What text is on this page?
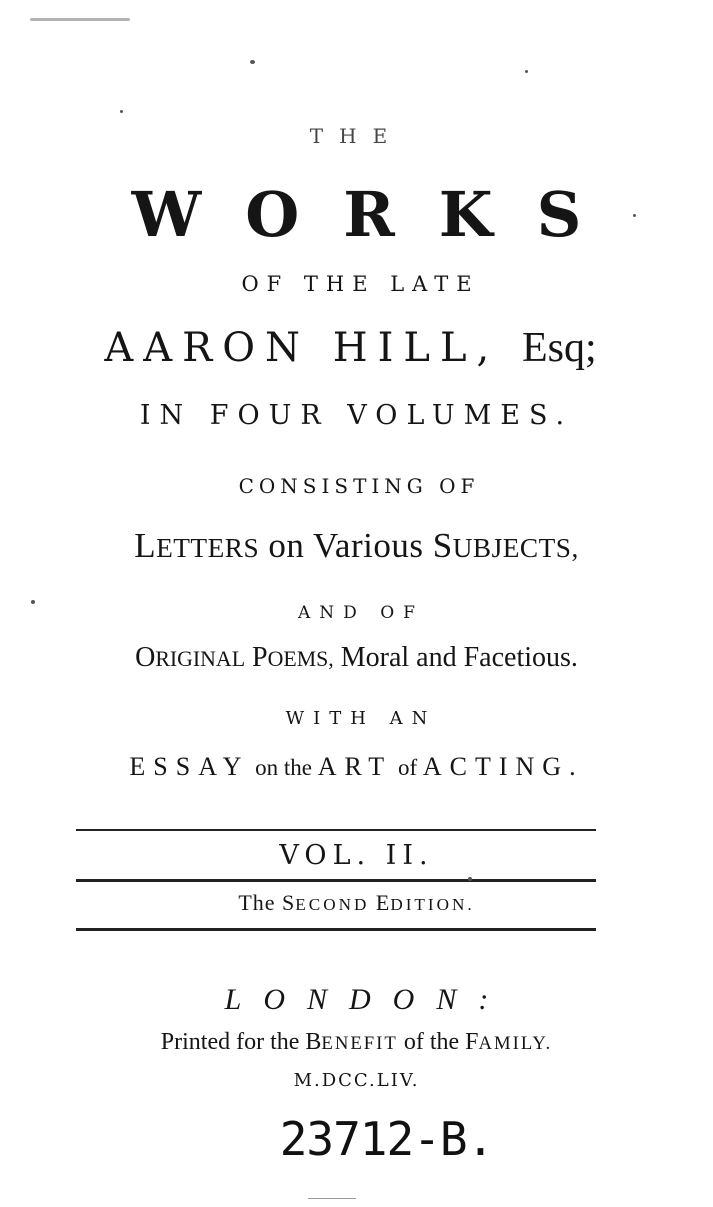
THE
WORKS
OF THE LATE
AARON HILL, Esq;
IN FOUR VOLUMES.
CONSISTING OF
LETTERS on Various SUBJECTS,
AND OF
ORIGINAL POEMS, Moral and Facetious.
WITH AN
ESSAY on the ART of ACTING.
VOL. II.
The SECOND EDITION.
LONDON:
Printed for the BENEFIT of the FAMILY.
M.DCC.LIV.
23712-B.
